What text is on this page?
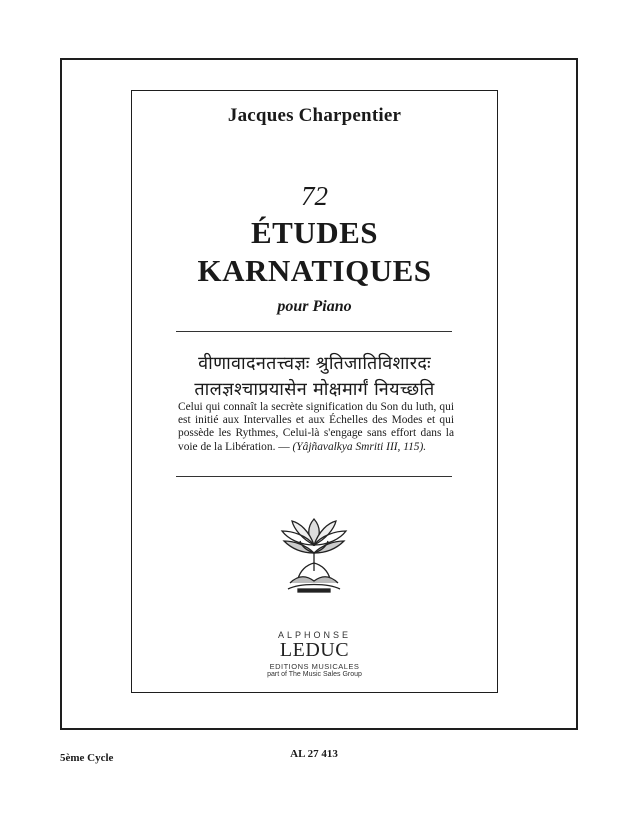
Jacques Charpentier
72
ÉTUDES
KARNATIQUES
pour Piano
वीणावादनतत्त्वज्ञः श्रुतिजातिविशारदः
तालज्ञश्चाप्रयासेन मोक्षमार्गं नियच्छति
Celui qui connaît la secrète signification du Son du luth, qui est initié aux Intervalles et aux Échelles des Modes et qui possède les Rythmes, Celui-là s'engage sans effort dans la voie de la Libération. — (Yâjñavalkya Smriti III, 115).
ALPHONSE
LEDUC
EDITIONS MUSICALES
part of The Music Sales Group
5ème Cycle	AL 27 413
